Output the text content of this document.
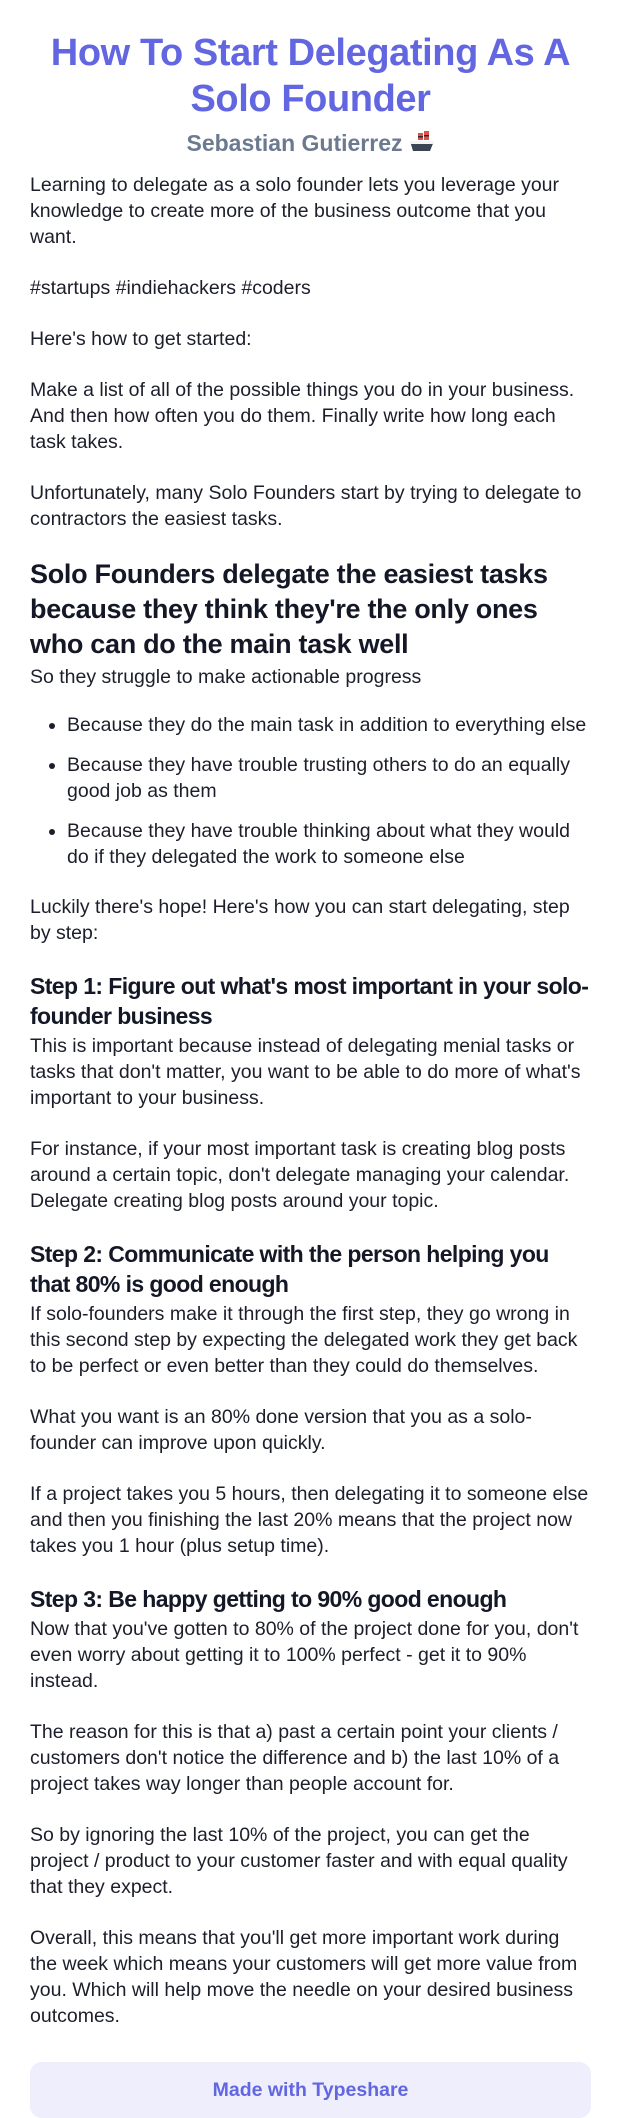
How To Start Delegating As A Solo Founder
Sebastian Gutierrez

Learning to delegate as a solo founder lets you leverage your knowledge to create more of the business outcome that you want.

#startups #indiehackers #coders

Here's how to get started:

Make a list of all of the possible things you do in your business. And then how often you do them. Finally write how long each task takes.

Unfortunately, many Solo Founders start by trying to delegate to contractors the easiest tasks.

Solo Founders delegate the easiest tasks because they think they're the only ones who can do the main task well

So they struggle to make actionable progress

• Because they do the main task in addition to everything else
• Because they have trouble trusting others to do an equally good job as them
• Because they have trouble thinking about what they would do if they delegated the work to someone else

Luckily there's hope! Here's how you can start delegating, step by step:

Step 1: Figure out what's most important in your solo-founder business

This is important because instead of delegating menial tasks or tasks that don't matter, you want to be able to do more of what's important to your business.

For instance, if your most important task is creating blog posts around a certain topic, don't delegate managing your calendar. Delegate creating blog posts around your topic.

Step 2: Communicate with the person helping you that 80% is good enough

If solo-founders make it through the first step, they go wrong in this second step by expecting the delegated work they get back to be perfect or even better than they could do themselves.

What you want is an 80% done version that you as a solo-founder can improve upon quickly.

If a project takes you 5 hours, then delegating it to someone else and then you finishing the last 20% means that the project now takes you 1 hour (plus setup time).

Step 3: Be happy getting to 90% good enough

Now that you've gotten to 80% of the project done for you, don't even worry about getting it to 100% perfect - get it to 90% instead.

The reason for this is that a) past a certain point your clients / customers don't notice the difference and b) the last 10% of a project takes way longer than people account for.

So by ignoring the last 10% of the project, you can get the project / product to your customer faster and with equal quality that they expect.

Overall, this means that you'll get more important work during the week which means your customers will get more value from you. Which will help move the needle on your desired business outcomes.

Made with Typeshare
